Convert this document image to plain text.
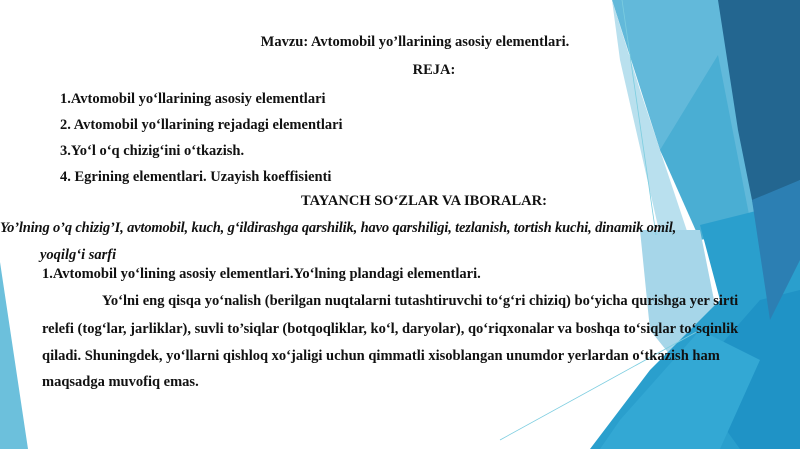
Mavzu: Avtomobil yo’llarining asosiy elementlari.
REJA:
1.Avtomobil yo‘llarining asosiy elementlari
2. Avtomobil yo‘llarining rejadagi elementlari
3.Yo‘l o‘q chizig‘ini o‘tkazish.
4. Egrining elementlari. Uzayish koeffisienti
TAYANCH SO‘ZLAR VA IBORALAR:
Yo’lning o’q chizig’I, avtomobil, kuch, g‘ildirashga qarshilik, havo qarshiligi, tezlanish, tortish kuchi, dinamik omil,
yoqilg‘i sarfi
1.Avtomobil yo‘lining asosiy elementlari.Yo‘lning plandagi elementlari.
Yo‘lni eng qisqa yo‘nalish (berilgan nuqtalarni tutashtiruvchi to‘g‘ri chiziq) bo‘yicha qurishga yer sirti
relefi (tog‘lar, jarliklar), suvli to’siqlar (botqoqliklar, ko‘l, daryolar), qo‘riqxonalar va boshqa to‘siqlar to‘sqinlik
qiladi. Shuningdek, yo‘llarni qishloq xo‘jaligi uchun qimmatli xisoblangan unumdor yerlardan o‘tkazish ham
maqsadga muvofiq emas.
